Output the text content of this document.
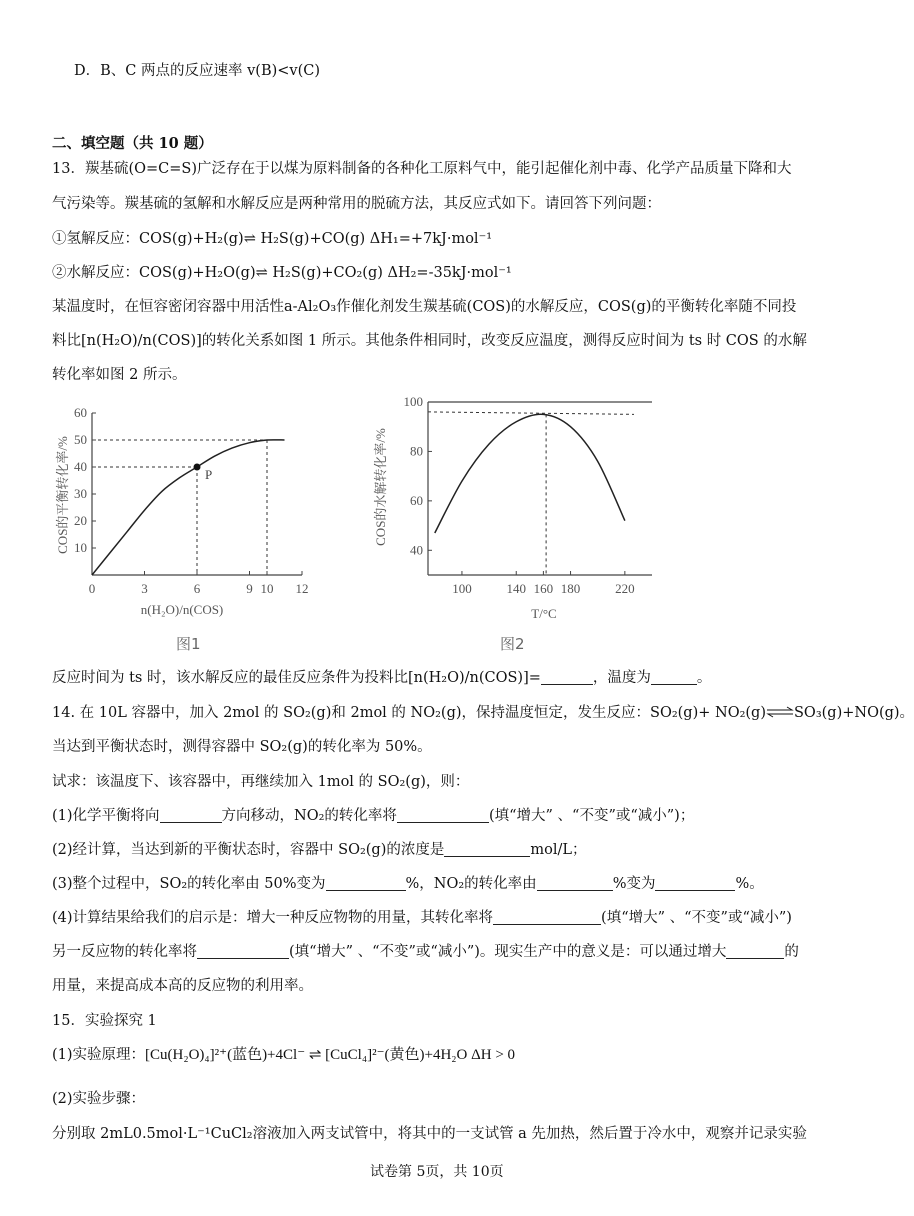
D．B、C 两点的反应速率 v(B)<v(C)
二、填空题（共 10 题）
13．羰基硫(O=C=S)广泛存在于以煤为原料制备的各种化工原料气中，能引起催化剂中毒、化学产品质量下降和大
气污染等。羰基硫的氢解和水解反应是两种常用的脱硫方法，其反应式如下。请回答下列问题：
①氢解反应：COS(g)+H₂(g)⇌ H₂S(g)+CO(g) ΔH₁=+7kJ·mol⁻¹
②水解反应：COS(g)+H₂O(g)⇌ H₂S(g)+CO₂(g) ΔH₂=-35kJ·mol⁻¹
某温度时，在恒容密闭容器中用活性a-Al₂O₃作催化剂发生羰基硫(COS)的水解反应，COS(g)的平衡转化率随不同投
料比[n(H₂O)/n(COS)]的转化关系如图 1 所示。其他条件相同时，改变反应温度，测得反应时间为 ts 时 COS 的水解
转化率如图 2 所示。
10
20
30
40
50
60
0	3	6	9 10 12
P
COS的平衡转化率/%
n(H₂O)/n(COS)
图1
40
60
80
100
100	140 160 180	220
COS的水解转化率/%
T/°C
图2
反应时间为 ts 时，该水解反应的最佳反应条件为投料比[n(H₂O)/n(COS)]=	，温度为	。
14. 在 10L 容器中，加入 2mol 的 SO₂(g)和 2mol 的 NO₂(g)，保持温度恒定，发生反应：SO₂(g)+ NO₂(g)⇌SO₃(g)+NO(g)。
当达到平衡状态时，测得容器中 SO₂(g)的转化率为 50%。
试求：该温度下、该容器中，再继续加入 1mol 的 SO₂(g)，则：
(1)化学平衡将向	方向移动，NO₂的转化率将	(填“增大” 、“不变”或“减小”)；
(2)经计算，当达到新的平衡状态时，容器中 SO₂(g)的浓度是	mol/L；
(3)整个过程中，SO₂的转化率由 50%变为	%，NO₂的转化率由	%变为	%。
(4)计算结果给我们的启示是：增大一种反应物物的用量，其转化率将	(填“增大” 、“不变”或“减小”)
另一反应物的转化率将	(填“增大” 、“不变”或“减小”)。现实生产中的意义是：可以通过增大	的
用量，来提高成本高的反应物的利用率。
15．实验探究 1
(1)实验原理：[Cu(H₂O)₄]²⁺(蓝色)+4Cl⁻ ⇌ [CuCl₄]²⁻(黄色)+4H₂O ΔH > 0
(2)实验步骤：
分别取 2mL0.5mol·L⁻¹CuCl₂溶液加入两支试管中，将其中的一支试管 a 先加热，然后置于冷水中，观察并记录实验
试卷第 5页，共 10页
